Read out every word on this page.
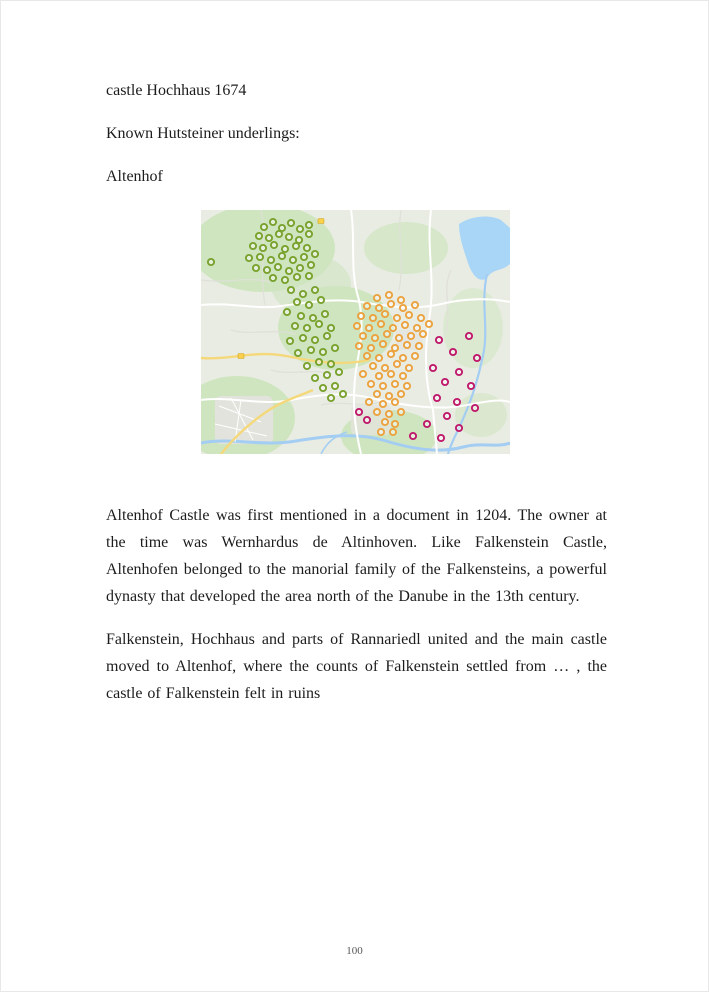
castle Hochhaus 1674

Known Hutsteiner underlings:

Altenhof

Altenhof Castle was first mentioned in a document in 1204. The owner at the time was Wernhardus de Altinhoven. Like Falkenstein Castle, Altenhofen belonged to the manorial family of the Falkensteins, a powerful dynasty that developed the area north of the Danube in the 13th century.

Falkenstein, Hochhaus and parts of Rannariedl united and the main castle moved to Altenhof, where the counts of Falkenstein settled from … , the castle of Falkenstein felt in ruins

100
